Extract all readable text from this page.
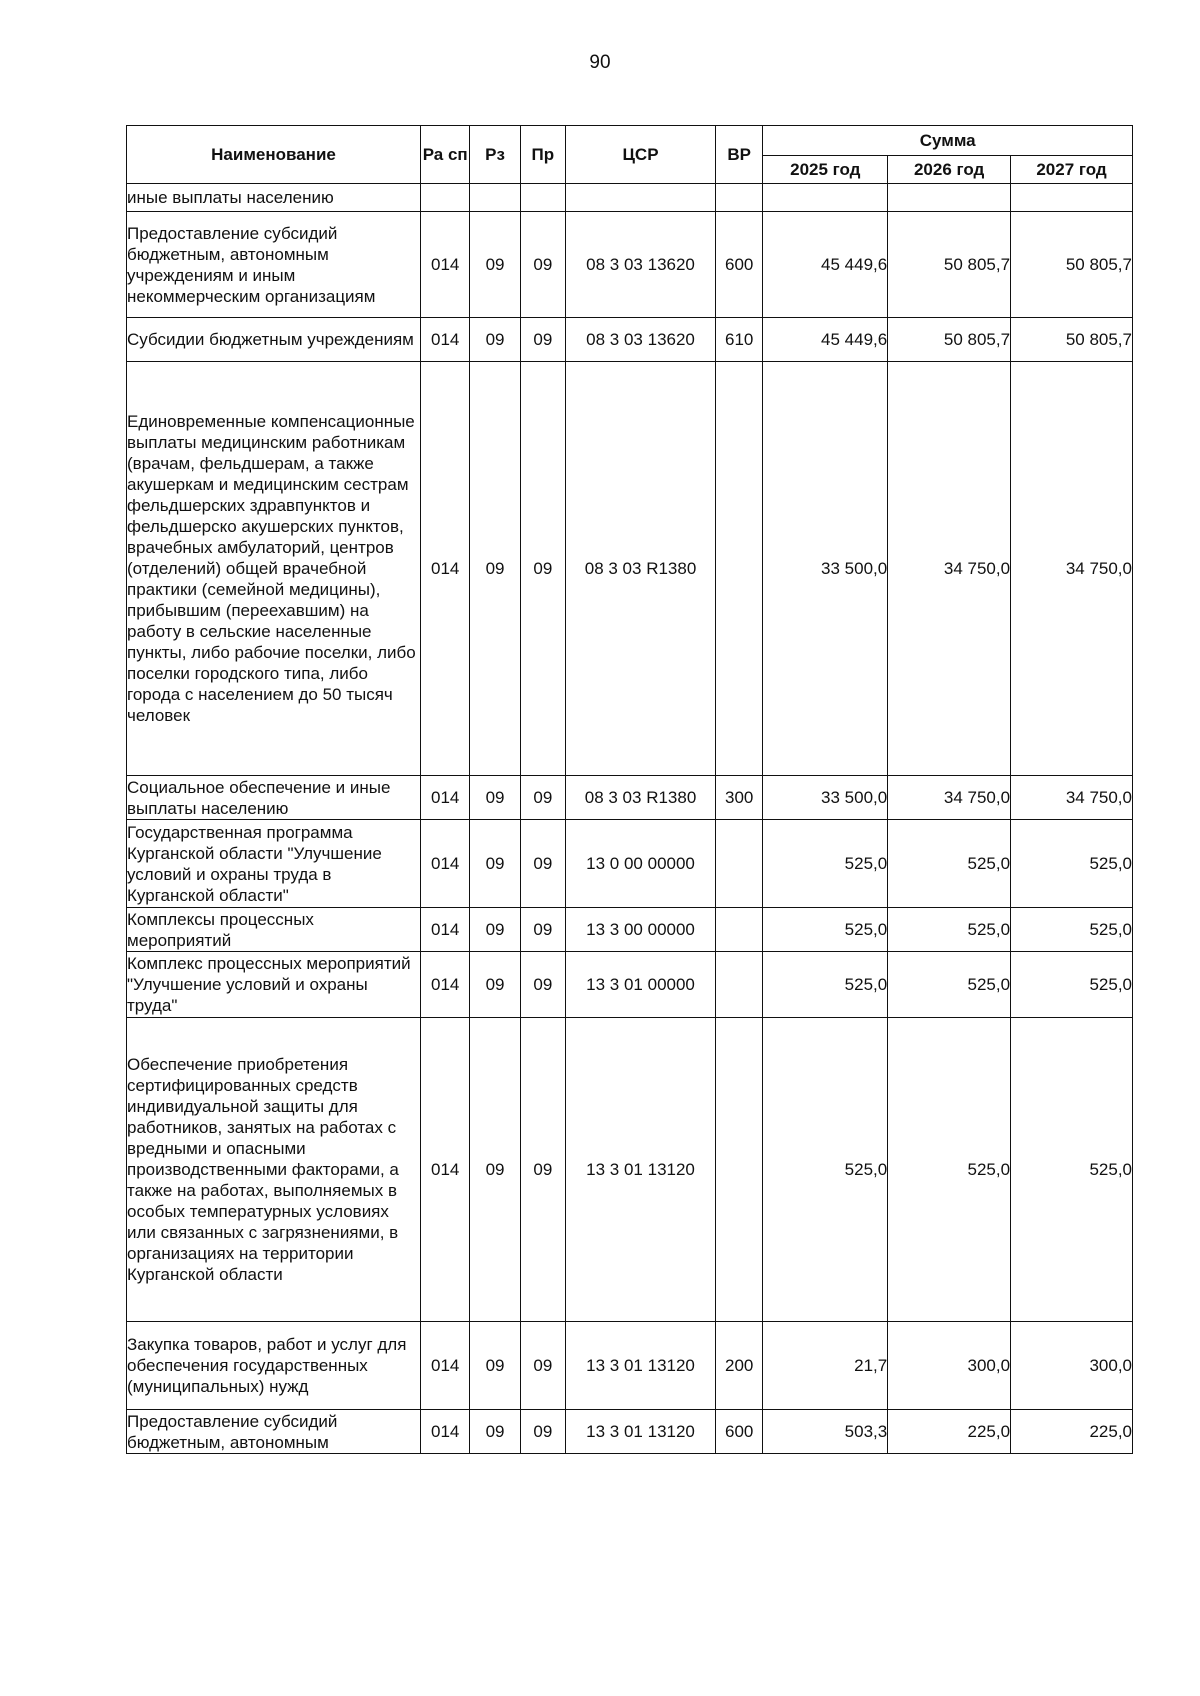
90
Наименование	Ра сп	Рз	Пр	ЦСР	ВР	Сумма		
						2025 год	2026 год	2027 год
иные выплаты населению								
Предоставление субсидий бюджетным, автономным учреждениям и иным некоммерческим организациям	014	09	09	08 3 03 13620	600	45 449,6	50 805,7	50 805,7
Субсидии бюджетным учреждениям	014	09	09	08 3 03 13620	610	45 449,6	50 805,7	50 805,7
Единовременные компенсационные выплаты медицинским работникам (врачам, фельдшерам, а также акушеркам и медицинским сестрам фельдшерских здравпунктов и фельдшерско акушерских пунктов, врачебных амбулаторий, центров (отделений) общей врачебной практики (семейной медицины), прибывшим (переехавшим) на работу в сельские населенные пункты, либо рабочие поселки, либо поселки городского типа, либо города с населением до 50 тысяч человек	014	09	09	08 3 03 R1380		33 500,0	34 750,0	34 750,0
Социальное обеспечение и иные выплаты населению	014	09	09	08 3 03 R1380	300	33 500,0	34 750,0	34 750,0
Государственная программа Курганской области "Улучшение условий и охраны труда в Курганской области"	014	09	09	13 0 00 00000		525,0	525,0	525,0
Комплексы процессных мероприятий	014	09	09	13 3 00 00000		525,0	525,0	525,0
Комплекс процессных мероприятий "Улучшение условий и охраны труда"	014	09	09	13 3 01 00000		525,0	525,0	525,0
Обеспечение приобретения сертифицированных средств индивидуальной защиты для работников, занятых на работах с вредными и опасными производственными факторами, а также на работах, выполняемых в особых температурных условиях или связанных с загрязнениями, в организациях на территории Курганской области	014	09	09	13 3 01 13120		525,0	525,0	525,0
Закупка товаров, работ и услуг для обеспечения государственных (муниципальных) нужд	014	09	09	13 3 01 13120	200	21,7	300,0	300,0
Предоставление субсидий бюджетным, автономным	014	09	09	13 3 01 13120	600	503,3	225,0	225,0
